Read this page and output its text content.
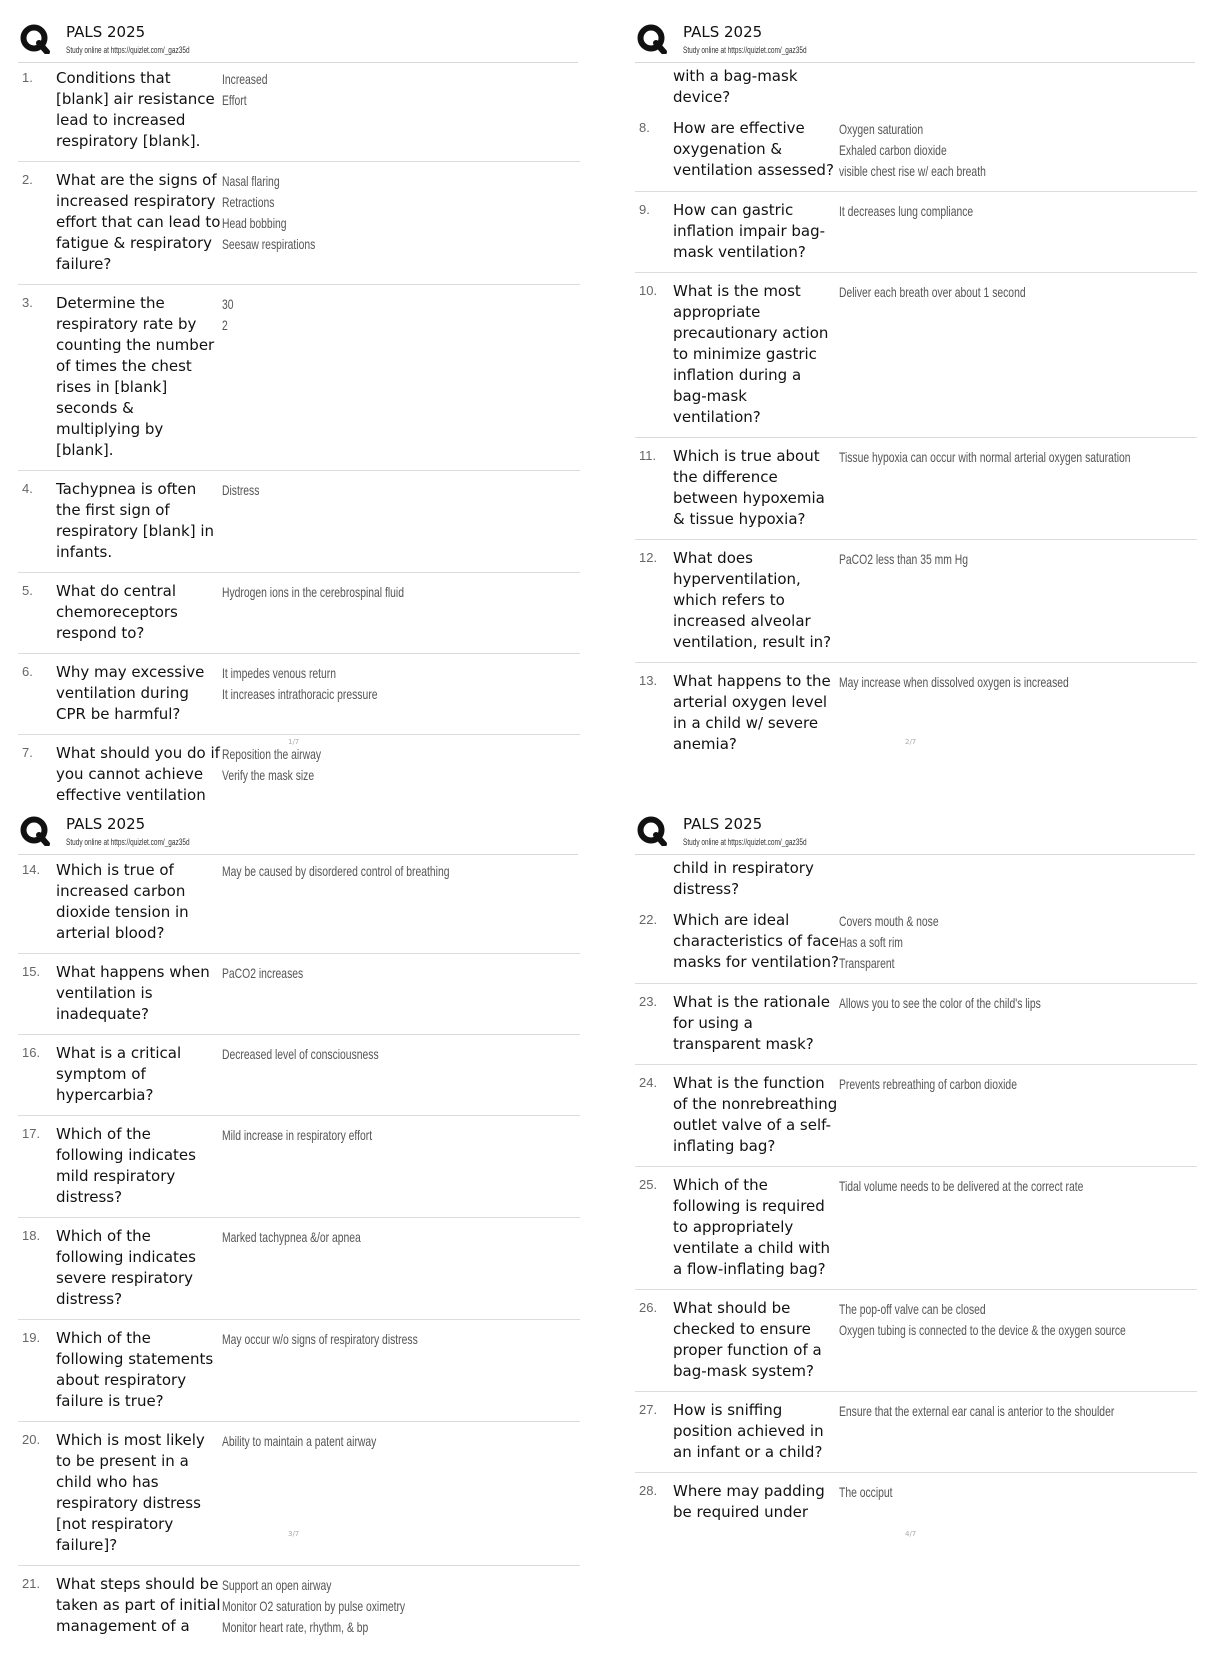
PALS 2025
Study online at https://quizlet.com/_gaz35d
1.	Conditions that [blank] air resistance lead to increased respiratory [blank].
Increased
Effort
2.	What are the signs of increased respiratory effort that can lead to fatigue & respiratory failure?
Nasal flaring
Retractions
Head bobbing
Seesaw respirations
3.	Determine the respiratory rate by counting the number of times the chest rises in [blank] seconds & multiplying by [blank].
30
2
4.	Tachypnea is often the first sign of respiratory [blank] in infants.
Distress
5.	What do central chemoreceptors respond to?
Hydrogen ions in the cerebrospinal fluid
6.	Why may excessive ventilation during CPR be harmful?
It impedes venous return
It increases intrathoracic pressure
7.	What should you do if you cannot achieve effective ventilation
Reposition the airway
Verify the mask size
1/7
PALS 2025
Study online at https://quizlet.com/_gaz35d
with a bag-mask device?
8.	How are effective oxygenation & ventilation assessed?
Oxygen saturation
Exhaled carbon dioxide
visible chest rise w/ each breath
9.	How can gastric inflation impair bag-mask ventilation?
It decreases lung compliance
10.	What is the most appropriate precautionary action to minimize gastric inflation during a bag-mask ventilation?
Deliver each breath over about 1 second
11.	Which is true about the difference between hypoxemia & tissue hypoxia?
Tissue hypoxia can occur with normal arterial oxygen saturation
12.	What does hyperventilation, which refers to increased alveolar ventilation, result in?
PaCO2 less than 35 mm Hg
13.	What happens to the arterial oxygen level in a child w/ severe anemia?
May increase when dissolved oxygen is increased
2/7
PALS 2025
Study online at https://quizlet.com/_gaz35d
14.	Which is true of increased carbon dioxide tension in arterial blood?
May be caused by disordered control of breathing
15.	What happens when ventilation is inadequate?
PaCO2 increases
16.	What is a critical symptom of hypercarbia?
Decreased level of consciousness
17.	Which of the following indicates mild respiratory distress?
Mild increase in respiratory effort
18.	Which of the following indicates severe respiratory distress?
Marked tachypnea &/or apnea
19.	Which of the following statements about respiratory failure is true?
May occur w/o signs of respiratory distress
20.	Which is most likely to be present in a child who has respiratory distress [not respiratory failure]?
Ability to maintain a patent airway
21.	What steps should be taken as part of initial management of a
Support an open airway
Monitor O2 saturation by pulse oximetry
Monitor heart rate, rhythm, & bp
3/7
PALS 2025
Study online at https://quizlet.com/_gaz35d
child in respiratory distress?
22.	Which are ideal characteristics of face masks for ventilation?
Covers mouth & nose
Has a soft rim
Transparent
23.	What is the rationale for using a transparent mask?
Allows you to see the color of the child's lips
24.	What is the function of the nonrebreathing outlet valve of a self-inflating bag?
Prevents rebreathing of carbon dioxide
25.	Which of the following is required to appropriately ventilate a child with a flow-inflating bag?
Tidal volume needs to be delivered at the correct rate
26.	What should be checked to ensure proper function of a bag-mask system?
The pop-off valve can be closed
Oxygen tubing is connected to the device & the oxygen source
27.	How is sniffing position achieved in an infant or a child?
Ensure that the external ear canal is anterior to the shoulder
28.	Where may padding be required under
The occiput
4/7
